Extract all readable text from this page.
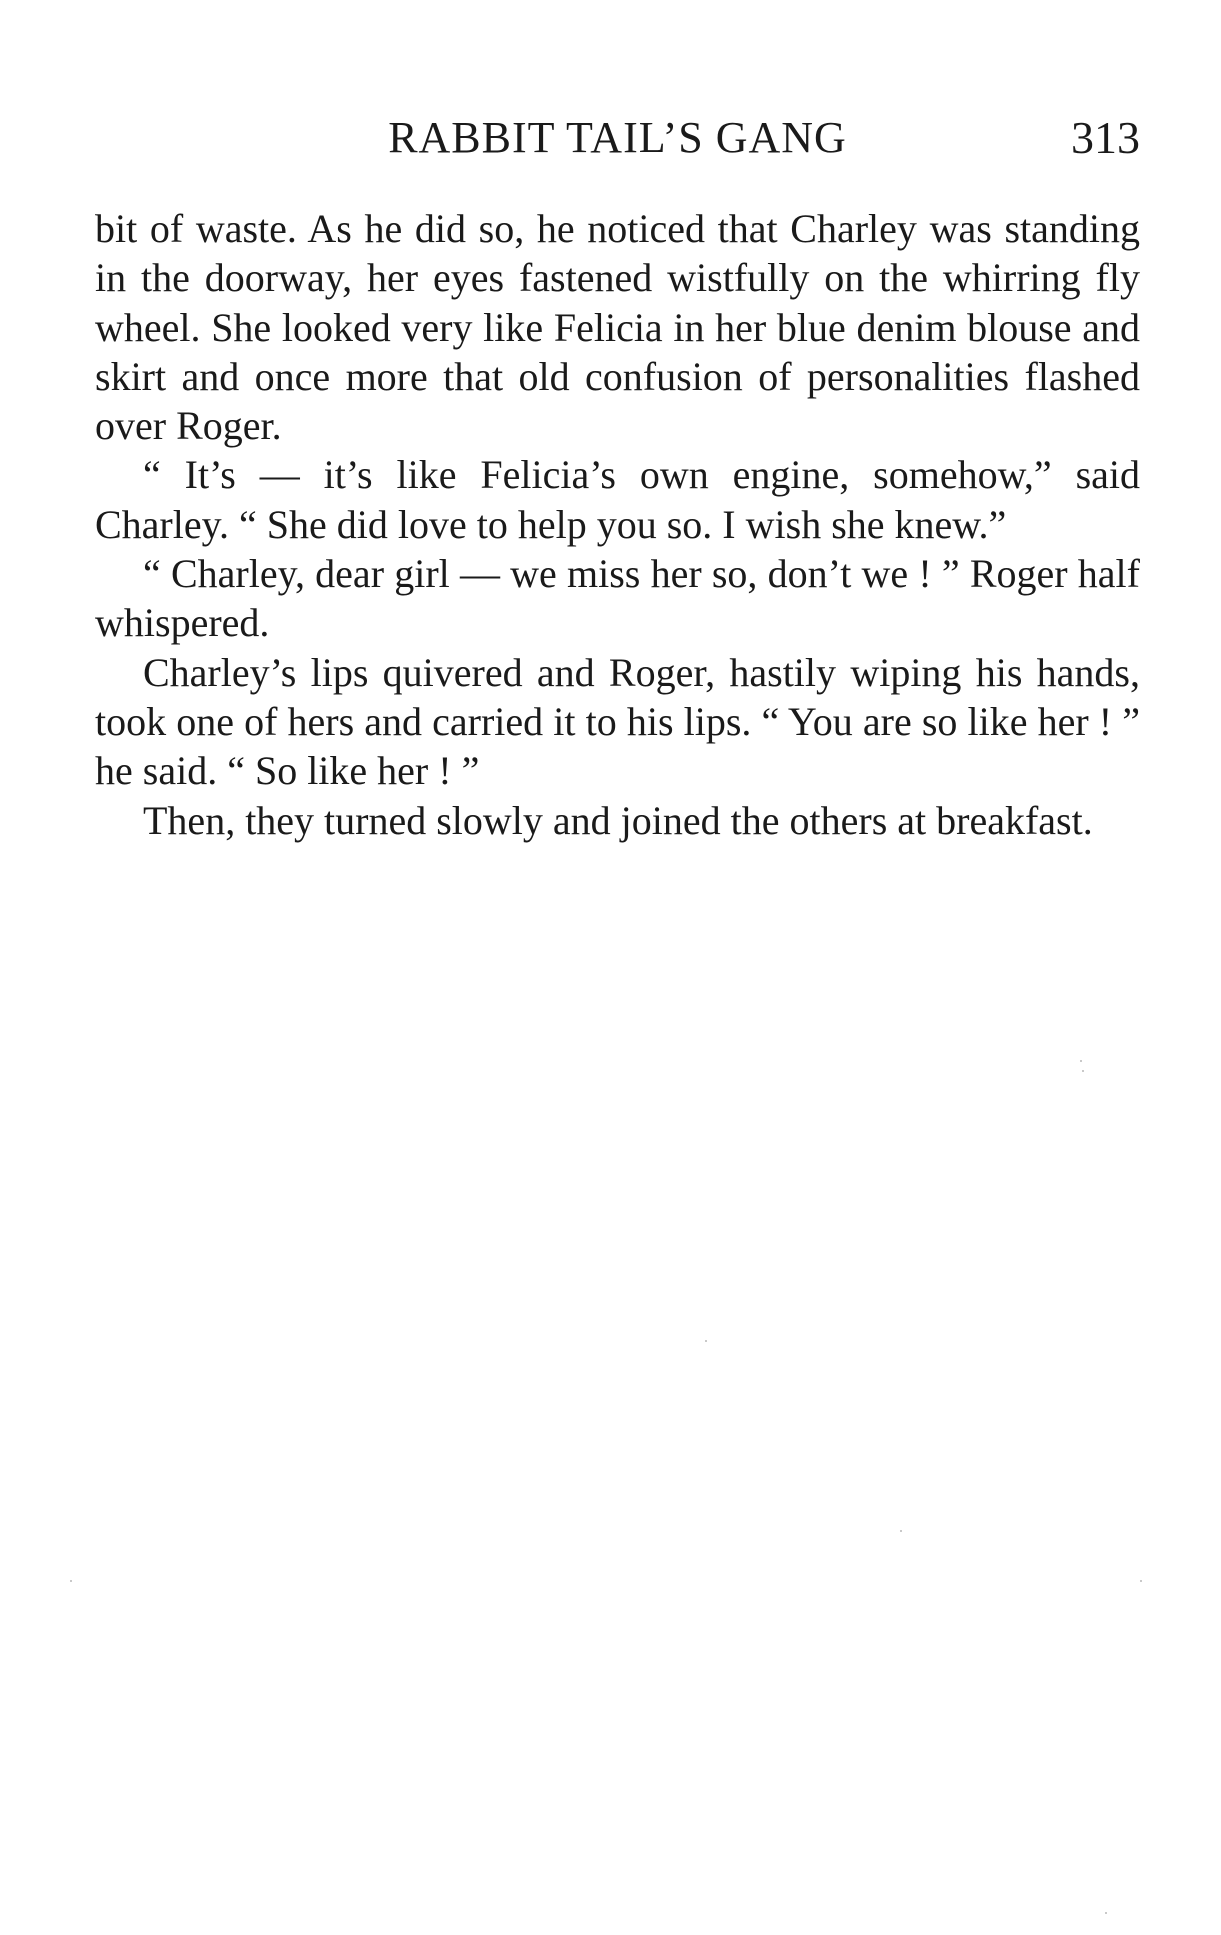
RABBIT TAIL’S GANG	313

bit of waste. As he did so, he noticed that Charley was standing in the doorway, her eyes fastened wistfully on the whirring fly wheel. She looked very like Felicia in her blue denim blouse and skirt and once more that old confusion of personalities flashed over Roger.

“ It’s — it’s like Felicia’s own engine, somehow,” said Charley. “ She did love to help you so. I wish she knew.”

“ Charley, dear girl — we miss her so, don’t we ! ” Roger half whispered.

Charley’s lips quivered and Roger, hastily wiping his hands, took one of hers and carried it to his lips. “ You are so like her ! ” he said. “ So like her ! ”

Then, they turned slowly and joined the others at breakfast.
